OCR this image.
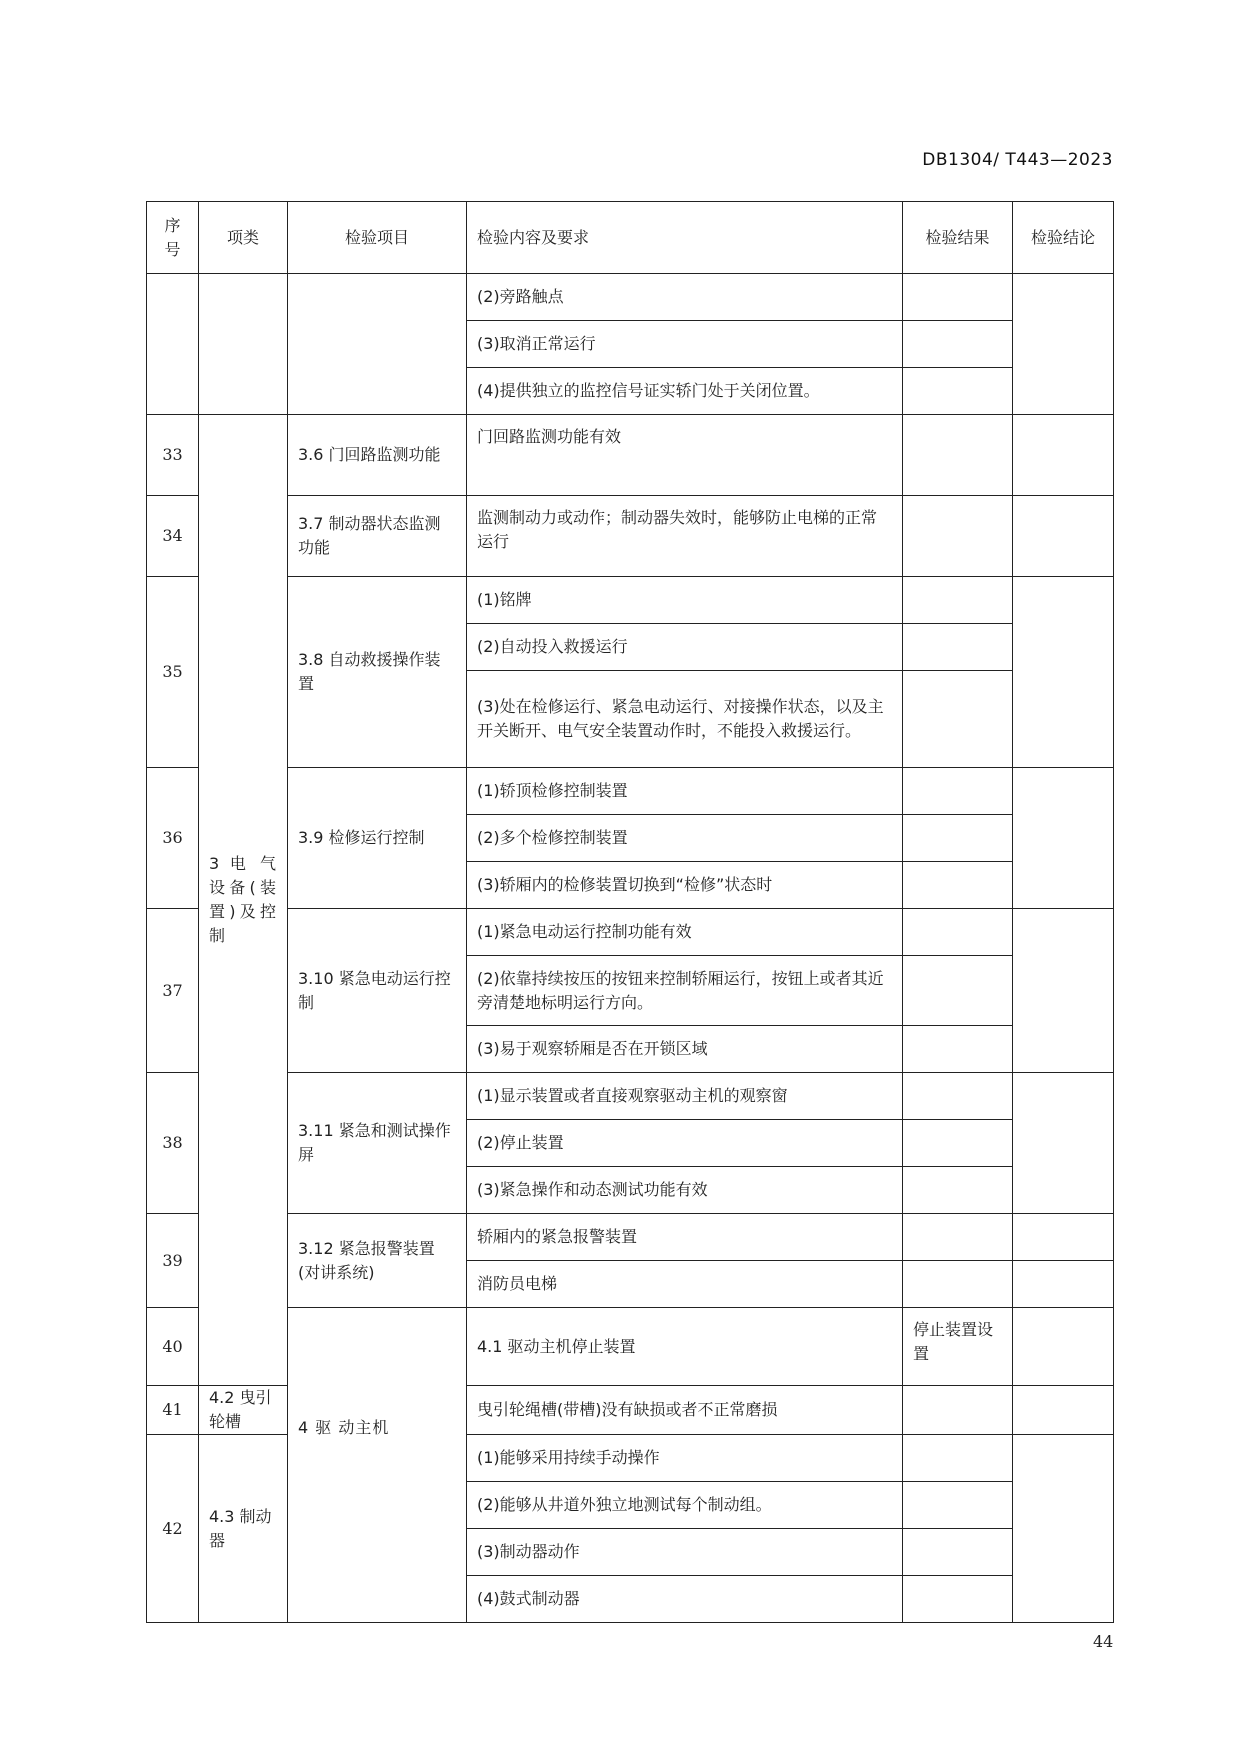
DB1304/ T443—2023
序号	项类	检验项目	检验内容及要求	检验结果	检验结论	
			(2)旁路触点			
			(3)取消正常运行			
			(4)提供独立的监控信号证实轿门处于关闭位置。			
33	3 电 气设备(装置)及控制	3.6 门回路监测功能	门回路监测功能有效			
34		3.7 制动器状态监测功能	监测制动力或动作；制动器失效时，能够防止电梯的正常运行			
35		3.8 自动救援操作装置	(1)铭牌			
			(2)自动投入救援运行			
			(3)处在检修运行、紧急电动运行、对接操作状态，以及主开关断开、电气安全装置动作时，不能投入救援运行。			
36		3.9 检修运行控制	(1)轿顶检修控制装置			
			(2)多个检修控制装置			
			(3)轿厢内的检修装置切换到“检修”状态时			
37		3.10 紧急电动运行控制	(1)紧急电动运行控制功能有效			
			(2)依靠持续按压的按钮来控制轿厢运行，按钮上或者其近旁清楚地标明运行方向。			
			(3)易于观察轿厢是否在开锁区域			
38		3.11 紧急和测试操作屏	(1)显示装置或者直接观察驱动主机的观察窗			
			(2)停止装置			
			(3)紧急操作和动态测试功能有效			
39		3.12 紧急报警装置(对讲系统)	轿厢内的紧急报警装置			
			消防员电梯			
40		4 驱 动主机	4.1 驱动主机停止装置	停止装置设置		
41	4.2 曳引轮槽		曳引轮绳槽(带槽)没有缺损或者不正常磨损			
42	4.3 制动器		(1)能够采用持续手动操作			
			(2)能够从井道外独立地测试每个制动组。			
			(3)制动器动作			
			(4)鼓式制动器			
44
